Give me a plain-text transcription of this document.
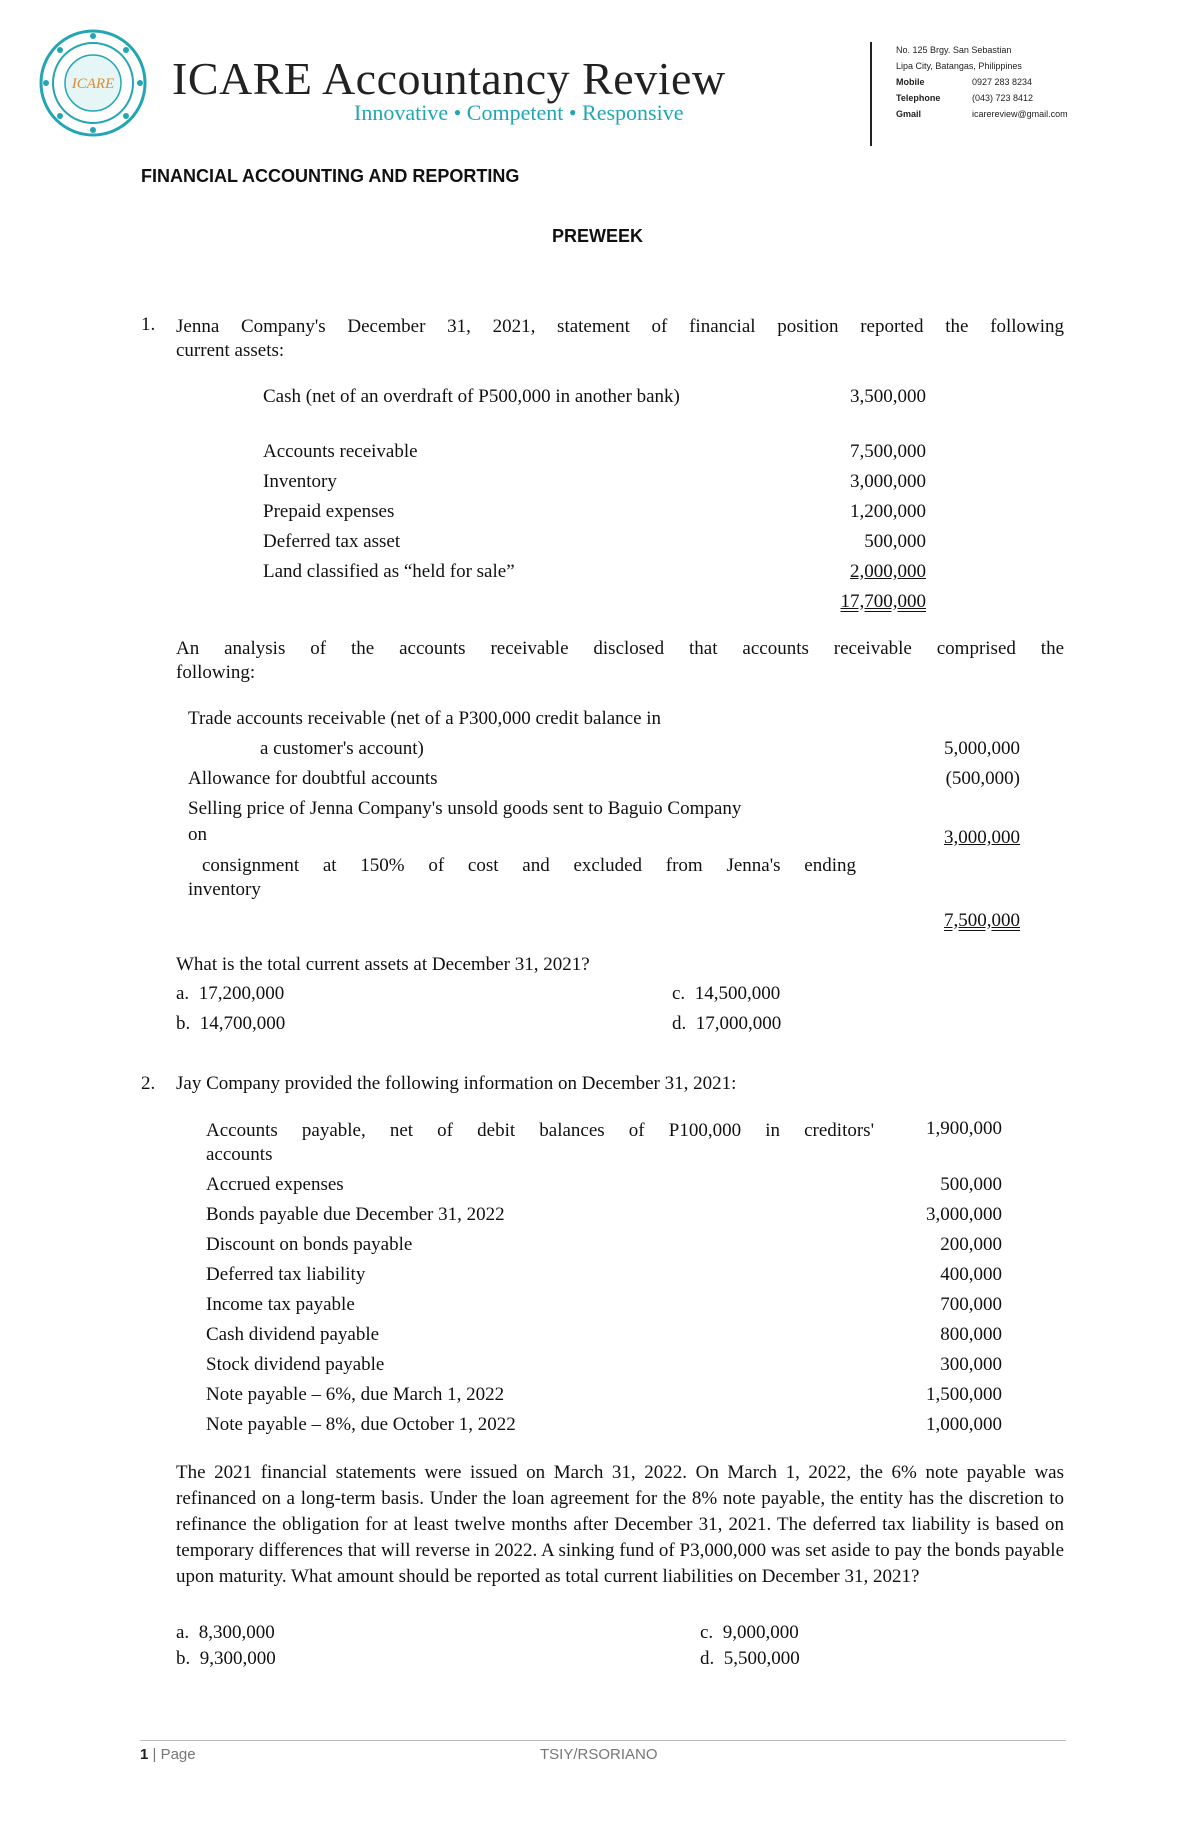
ICARE ICARE Accountancy Review
Innovative • Competent • Responsive
No. 125 Brgy. San Sebastian
Lipa City, Batangas, Philippines
Mobile	0927 283 8234
Telephone	(043) 723 8412
Gmail	icarereview@gmail.com
FINANCIAL ACCOUNTING AND REPORTING
PREWEEK
1. Jenna Company's December 31, 2021, statement of financial position reported the following
current assets:
Cash (net of an overdraft of P500,000 in another bank)	3,500,000
Accounts receivable	7,500,000
Inventory	3,000,000
Prepaid expenses	1,200,000
Deferred tax asset	500,000
Land classified as “held for sale”	2,000,000
17,700,000
An analysis of the accounts receivable disclosed that accounts receivable comprised the
following:
Trade accounts receivable (net of a P300,000 credit balance in
a customer's account)	5,000,000
Allowance for doubtful accounts	(500,000)
Selling price of Jenna Company's unsold goods sent to Baguio Company
on	3,000,000
consignment at 150% of cost and excluded from Jenna's ending
inventory
7,500,000
What is the total current assets at December 31, 2021?
a. 17,200,000
b. 14,700,000
c. 14,500,000
d. 17,000,000
2. Jay Company provided the following information on December 31, 2021:
Accounts payable, net of debit balances of P100,000 in creditors'
accounts
1,900,000
Accrued expenses	500,000
Bonds payable due December 31, 2022	3,000,000
Discount on bonds payable	200,000
Deferred tax liability	400,000
Income tax payable	700,000
Cash dividend payable	800,000
Stock dividend payable	300,000
Note payable – 6%, due March 1, 2022	1,500,000
Note payable – 8%, due October 1, 2022	1,000,000
The 2021 financial statements were issued on March 31, 2022. On March 1, 2022, the 6% note payable was refinanced on a long-term basis. Under the loan agreement for the 8% note payable, the entity has the discretion to refinance the obligation for at least twelve months after December 31, 2021. The deferred tax liability is based on temporary differences that will reverse in 2022. A sinking fund of P3,000,000 was set aside to pay the bonds payable upon maturity. What amount should be reported as total current liabilities on December 31, 2021?
a. 8,300,000
b. 9,300,000
c. 9,000,000
d. 5,500,000
1 | Page	TSIY/RSORIANO
